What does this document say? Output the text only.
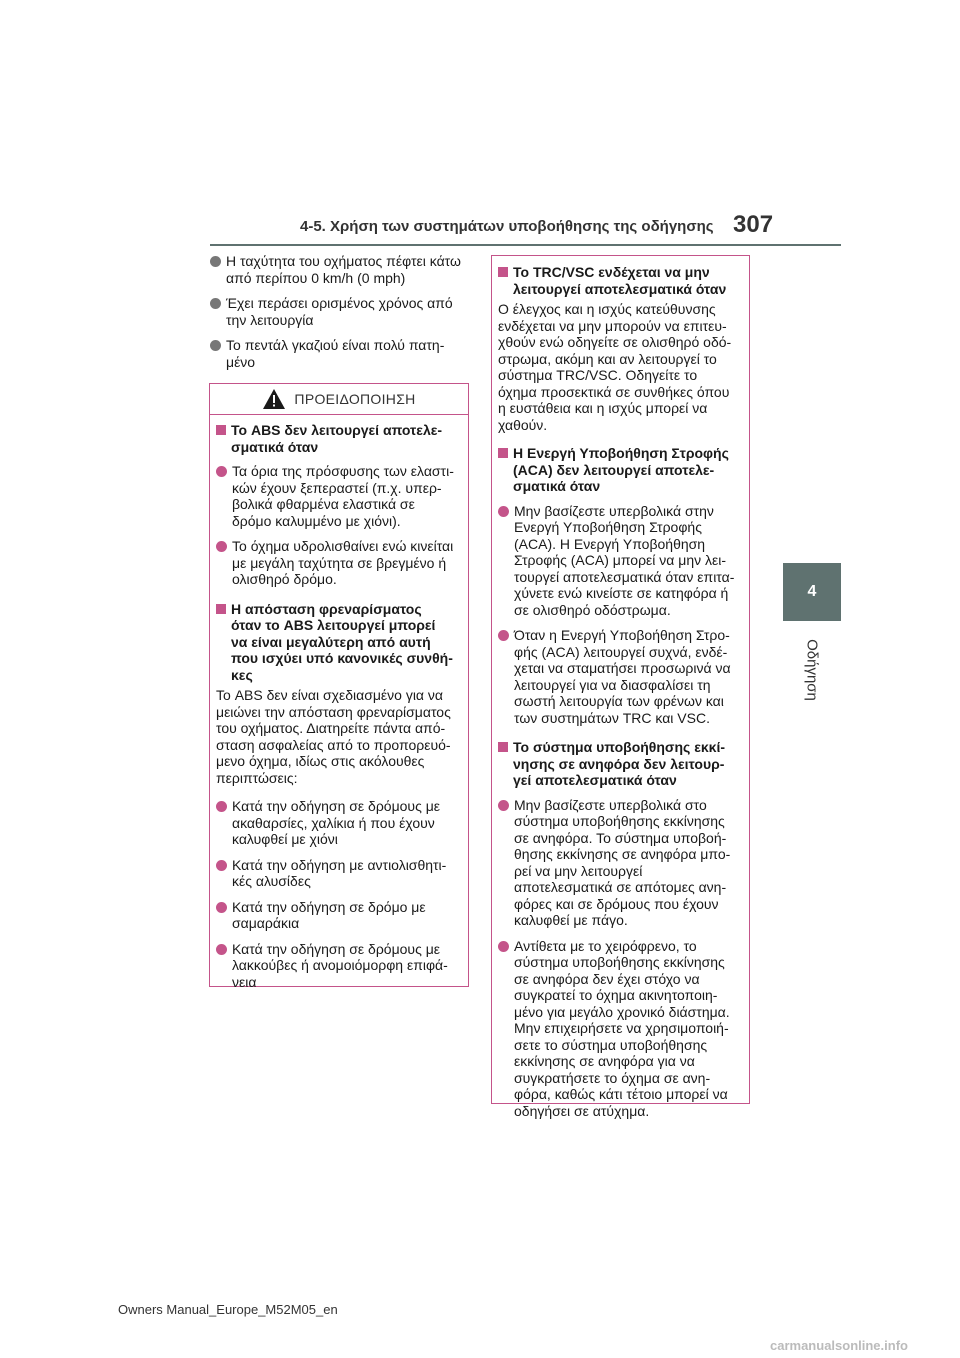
4-5. Χρήση των συστημάτων υποβοήθησης της οδήγησης 307
4
Οδήγηση
Η ταχύτητα του οχήματος πέφτει κάτω
από περίπου 0 km/h (0 mph)
Έχει περάσει ορισμένος χρόνος από
την λειτουργία
Το πεντάλ γκαζιού είναι πολύ πατη-
μένο
ΠΡΟΕΙΔΟΠΟΙΗΣΗ
Το ABS δεν λειτουργεί αποτελε-
σματικά όταν
Τα όρια της πρόσφυσης των ελαστι-
κών έχουν ξεπεραστεί (π.χ. υπερ-
βολικά φθαρμένα ελαστικά σε
δρόμο καλυμμένο με χιόνι).
Το όχημα υδρολισθαίνει ενώ κινείται
με μεγάλη ταχύτητα σε βρεγμένο ή
ολισθηρό δρόμο.
Η απόσταση φρεναρίσματος
όταν το ABS λειτουργεί μπορεί
να είναι μεγαλύτερη από αυτή
που ισχύει υπό κανονικές συνθή-
κες
Το ABS δεν είναι σχεδιασμένο για να
μειώνει την απόσταση φρεναρίσματος
του οχήματος. Διατηρείτε πάντα από-
σταση ασφαλείας από το προπορευό-
μενο όχημα, ιδίως στις ακόλουθες
περιπτώσεις:
Κατά την οδήγηση σε δρόμους με
ακαθαρσίες, χαλίκια ή που έχουν
καλυφθεί με χιόνι
Κατά την οδήγηση με αντιολισθητι-
κές αλυσίδες
Κατά την οδήγηση σε δρόμο με
σαμαράκια
Κατά την οδήγηση σε δρόμους με
λακκούβες ή ανομοιόμορφη επιφά-
νεια
Το TRC/VSC ενδέχεται να μην
λειτουργεί αποτελεσματικά όταν
Ο έλεγχος και η ισχύς κατεύθυνσης
ενδέχεται να μην μπορούν να επιτευ-
χθούν ενώ οδηγείτε σε ολισθηρό οδό-
στρωμα, ακόμη και αν λειτουργεί το
σύστημα TRC/VSC. Οδηγείτε το
όχημα προσεκτικά σε συνθήκες όπου
η ευστάθεια και η ισχύς μπορεί να
χαθούν.
Η Ενεργή Υποβοήθηση Στροφής
(ACA) δεν λειτουργεί αποτελε-
σματικά όταν
Μην βασίζεστε υπερβολικά στην
Ενεργή Υποβοήθηση Στροφής
(ACA). Η Ενεργή Υποβοήθηση
Στροφής (ACA) μπορεί να μην λει-
τουργεί αποτελεσματικά όταν επιτα-
χύνετε ενώ κινείστε σε κατηφόρα ή
σε ολισθηρό οδόστρωμα.
Όταν η Ενεργή Υποβοήθηση Στρο-
φής (ACA) λειτουργεί συχνά, ενδέ-
χεται να σταματήσει προσωρινά να
λειτουργεί για να διασφαλίσει τη
σωστή λειτουργία των φρένων και
των συστημάτων TRC και VSC.
Το σύστημα υποβοήθησης εκκί-
νησης σε ανηφόρα δεν λειτουρ-
γεί αποτελεσματικά όταν
Μην βασίζεστε υπερβολικά στο
σύστημα υποβοήθησης εκκίνησης
σε ανηφόρα. Το σύστημα υποβοή-
θησης εκκίνησης σε ανηφόρα μπο-
ρεί να μην λειτουργεί
αποτελεσματικά σε απότομες ανη-
φόρες και σε δρόμους που έχουν
καλυφθεί με πάγο.
Αντίθετα με το χειρόφρενο, το
σύστημα υποβοήθησης εκκίνησης
σε ανηφόρα δεν έχει στόχο να
συγκρατεί το όχημα ακινητοποιη-
μένο για μεγάλο χρονικό διάστημα.
Μην επιχειρήσετε να χρησιμοποιή-
σετε το σύστημα υποβοήθησης
εκκίνησης σε ανηφόρα για να
συγκρατήσετε το όχημα σε ανη-
φόρα, καθώς κάτι τέτοιο μπορεί να
οδηγήσει σε ατύχημα.
Owners Manual_Europe_M52M05_en
carmanualsonline.info
